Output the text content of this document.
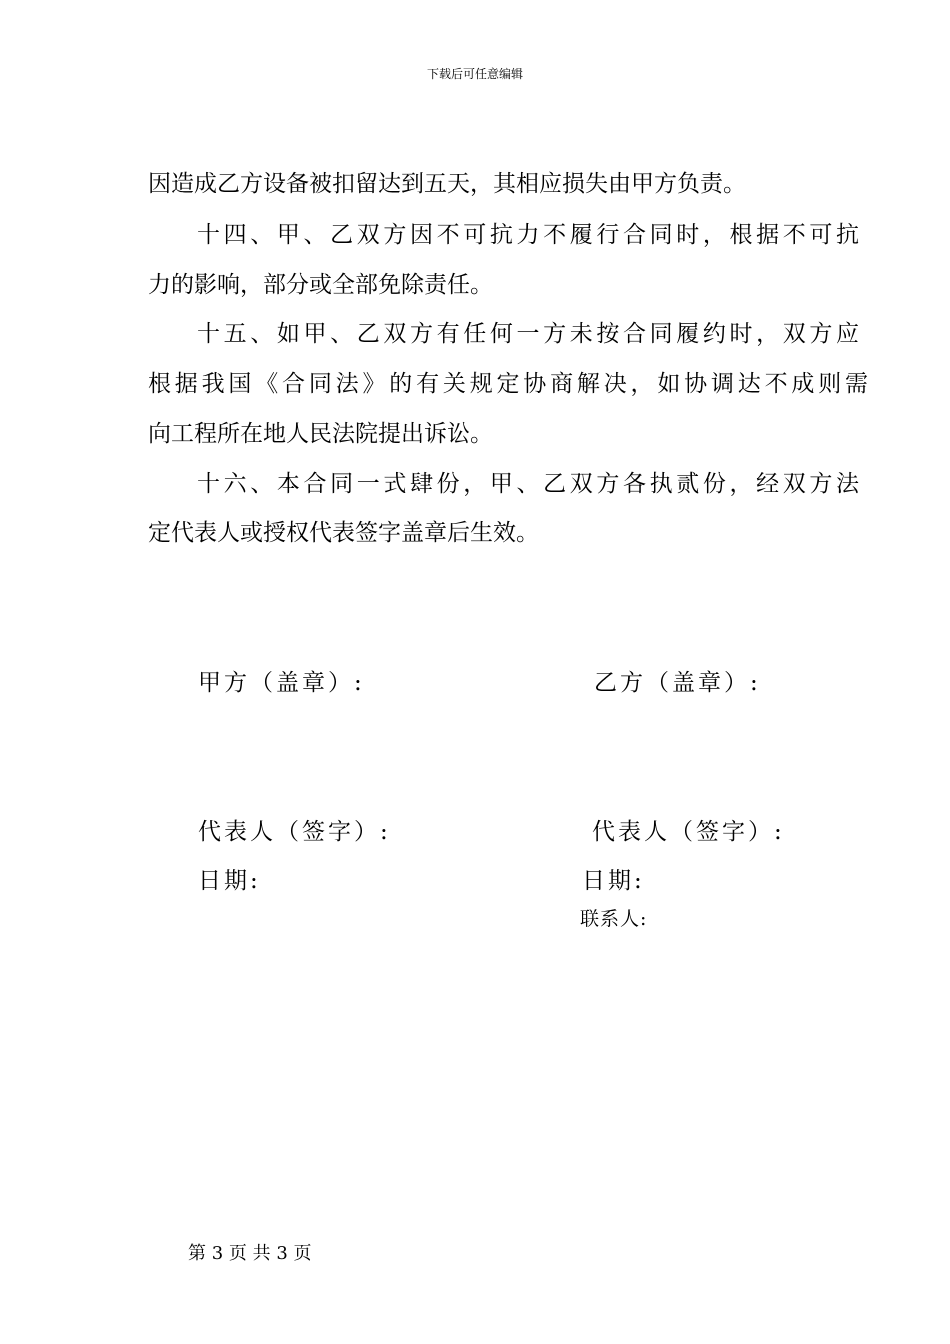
下载后可任意编辑
因造成乙方设备被扣留达到五天，其相应损失由甲方负责。
十四、甲、乙双方因不可抗力不履行合同时，根据不可抗
力的影响，部分或全部免除责任。
十五、如甲、乙双方有任何一方未按合同履约时，双方应
根据我国《合同法》的有关规定协商解决，如协调达不成则需
向工程所在地人民法院提出诉讼。
十六、本合同一式肆份，甲、乙双方各执贰份，经双方法
定代表人或授权代表签字盖章后生效。
甲方（盖章）:	乙方（盖章）:
代表人（签字）:	代表人（签字）:
日期:	日期:
联系人:
第 3 页 共 3 页
